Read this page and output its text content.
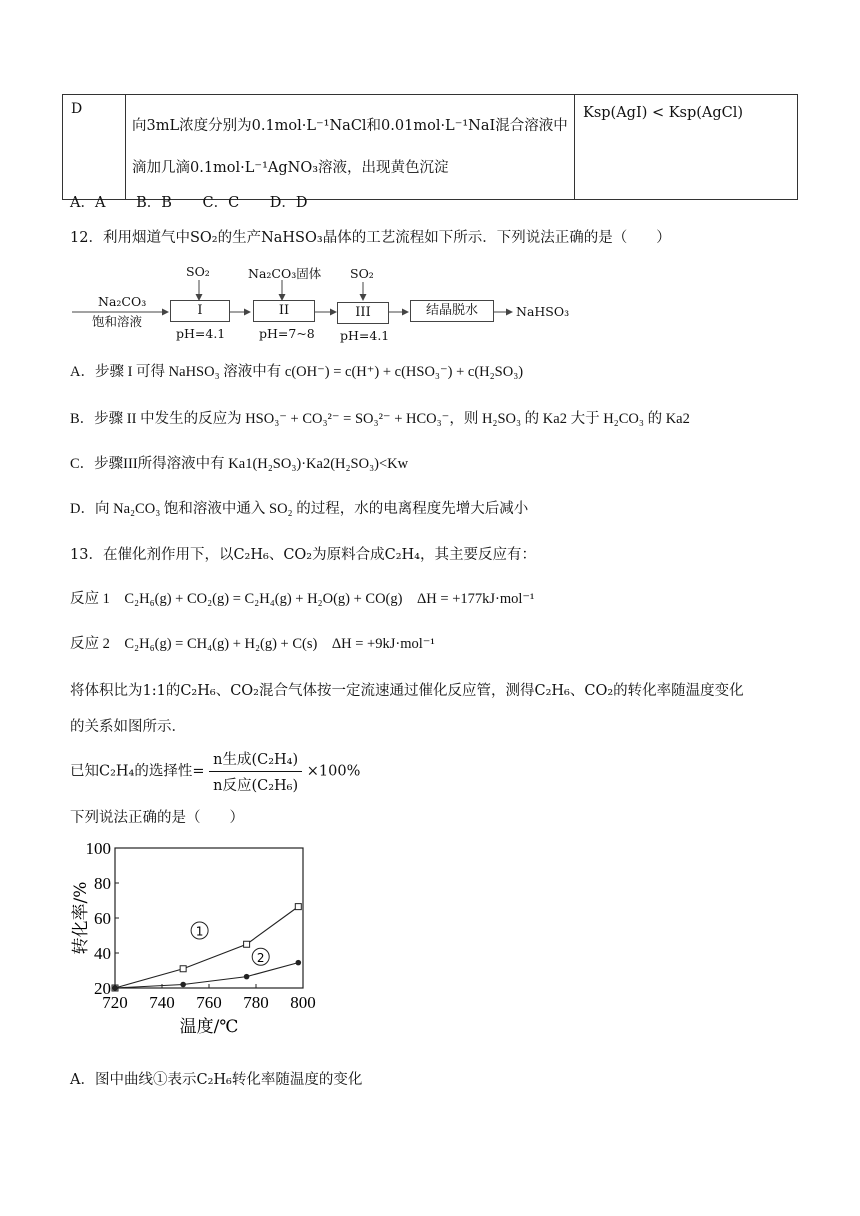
D	向3mL浓度分别为0.1mol·L⁻¹NaCl和0.01mol·L⁻¹NaI混合溶液中滴加几滴0.1mol·L⁻¹AgNO₃溶液，出现黄色沉淀	Ksp(AgI) < Ksp(AgCl)
A．A B．B C．C D．D
12．利用烟道气中SO₂的生产NaHSO₃晶体的工艺流程如下所示．下列说法正确的是（　　）
Na₂CO₃
饱和溶液
SO₂
I
pH=4.1
Na₂CO₃固体
II
pH=7~8
SO₂
III
pH=4.1
结晶脱水	NaHSO₃
A．步骤 I 可得 NaHSO₃ 溶液中有 c(OH⁻) = c(H⁺) + c(HSO₃⁻) + c(H₂SO₃)
B．步骤 II 中发生的反应为 HSO₃⁻ + CO₃²⁻ = SO₃²⁻ + HCO₃⁻，则 H₂SO₃ 的 Ka2 大于 H₂CO₃ 的 Ka2
C．步骤III所得溶液中有 Ka1(H₂SO₃)·Ka2(H₂SO₃)<Kw
D．向 Na₂CO₃ 饱和溶液中通入 SO₂ 的过程，水的电离程度先增大后减小
13．在催化剂作用下，以C₂H₆、CO₂为原料合成C₂H₄，其主要反应有：
反应 1　C₂H₆(g) + CO₂(g) = C₂H₄(g) + H₂O(g) + CO(g)　ΔH = +177kJ·mol⁻¹
反应 2　C₂H₆(g) = CH₄(g) + H₂(g) + C(s)　ΔH = +9kJ·mol⁻¹
将体积比为1:1的C₂H₆、CO₂混合气体按一定流速通过催化反应管，测得C₂H₆、CO₂的转化率随温度变化
的关系如图所示．
已知C₂H₄的选择性= $\frac{\text{n生成(C₂H₄)}}{\text{n反应(C₂H₆)}} \times 100\%$
下列说法正确的是（　　）
720 740 760 780 800
20
40
60
80
100
温度/℃
转化率/%	1
2
A．图中曲线①表示C₂H₆转化率随温度的变化
